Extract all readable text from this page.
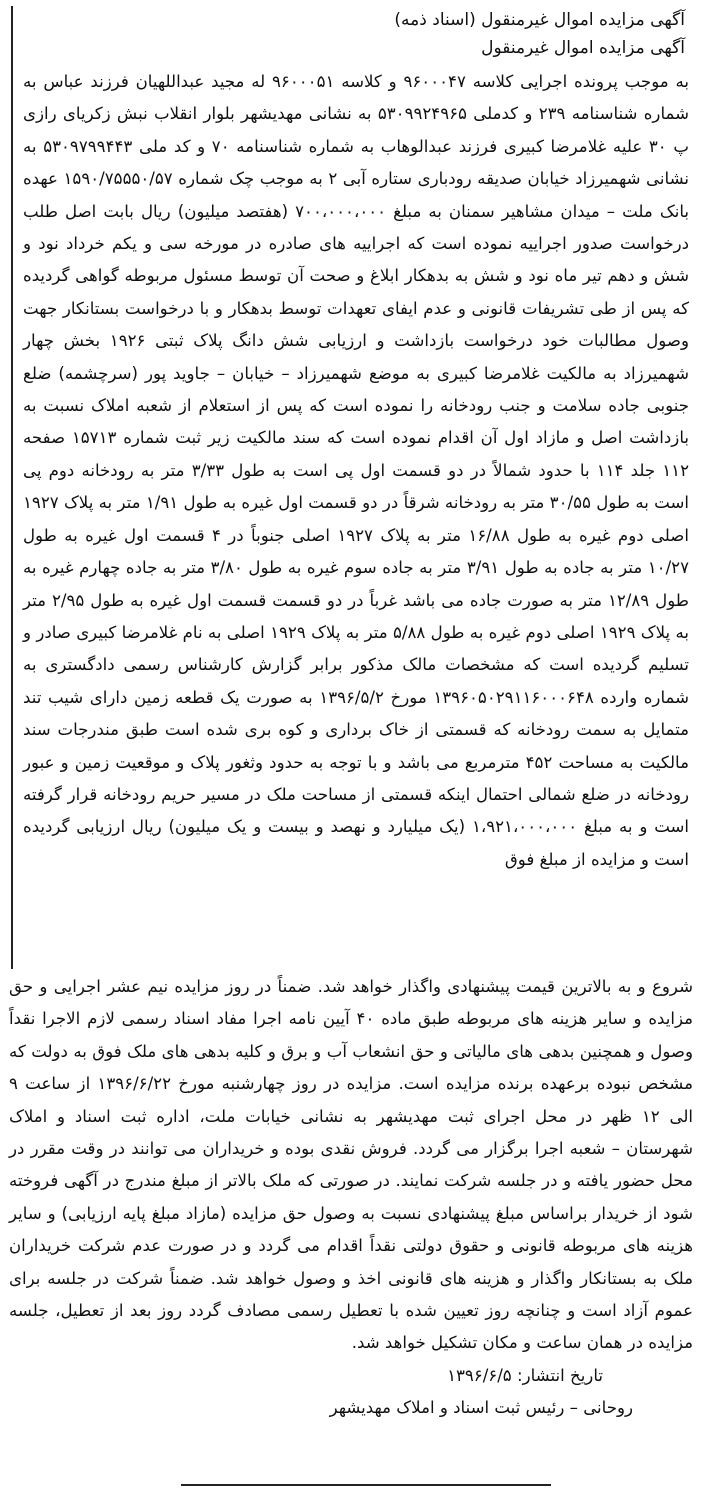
آگهی مزایده اموال غیرمنقول (اسناد ذمه)

آگهی مزایده اموال غیرمنقول

به موجب پرونده اجرایی کلاسه ۹۶۰۰۰۴۷ و کلاسه ۹۶۰۰۰۵۱ له مجید عبداللهیان فرزند عباس به شماره شناسنامه ۲۳۹ و کدملی ۵۳۰۹۹۲۴۹۶۵ به نشانی مهدیشهر بلوار انقلاب نبش زکریای رازی پ ۳۰ علیه غلامرضا کبیری فرزند عبدالوهاب به شماره شناسنامه ۷۰ و کد ملی ۵۳۰۹۷۹۹۴۴۳ به نشانی شهمیرزاد خیابان صدیقه رودباری ستاره آبی ۲ به موجب چک شماره ۱۵۹۰/۷۵۵۵۰/۵۷ عهده بانک ملت – میدان مشاهیر سمنان به مبلغ ۷۰۰،۰۰۰،۰۰۰ (هفتصد میلیون) ریال بابت اصل طلب درخواست صدور اجراییه نموده است که اجراییه های صادره در مورخه سی و یکم خرداد نود و شش و دهم تیر ماه نود و شش به بدهکار ابلاغ و صحت آن توسط مسئول مربوطه گواهی گردیده که پس از طی تشریفات قانونی و عدم ایفای تعهدات توسط بدهکار و با درخواست بستانکار جهت وصول مطالبات خود درخواست بازداشت و ارزیابی شش دانگ پلاک ثبتی ۱۹۲۶ بخش چهار شهمیرزاد به مالکیت غلامرضا کبیری به موضع شهمیرزاد – خیابان – جاوید پور (سرچشمه) ضلع جنوبی جاده سلامت و جنب رودخانه را نموده است که پس از استعلام از شعبه املاک نسبت به بازداشت اصل و مازاد اول آن اقدام نموده است که سند مالکیت زیر ثبت شماره ۱۵۷۱۳ صفحه ۱۱۲ جلد ۱۱۴ با حدود شمالاً در دو قسمت اول پی است به طول ۳/۳۳ متر به رودخانه دوم پی است به طول ۳۰/۵۵ متر به رودخانه شرقاً در دو قسمت اول غیره به طول ۱/۹۱ متر به پلاک ۱۹۲۷ اصلی دوم غیره به طول ۱۶/۸۸ متر به پلاک ۱۹۲۷ اصلی جنوباً در ۴ قسمت اول غیره به طول ۱۰/۲۷ متر به جاده به طول ۳/۹۱ متر به جاده سوم غیره به طول ۳/۸۰ متر به جاده چهارم غیره به طول ۱۲/۸۹ متر به صورت جاده می باشد غرباً در دو قسمت قسمت اول غیره به طول ۲/۹۵ متر به پلاک ۱۹۲۹ اصلی دوم غیره به طول ۵/۸۸ متر به پلاک ۱۹۲۹ اصلی به نام غلامرضا کبیری صادر و تسلیم گردیده است که مشخصات مالک مذکور برابر گزارش کارشناس رسمی دادگستری به شماره وارده ۱۳۹۶۰۵۰۲۹۱۱۶۰۰۰۶۴۸ مورخ ۱۳۹۶/۵/۲ به صورت یک قطعه زمین دارای شیب تند متمایل به سمت رودخانه که قسمتی از خاک برداری و کوه بری شده است طبق مندرجات سند مالکیت به مساحت ۴۵۲ مترمربع می باشد و با توجه به حدود وثغور پلاک و موقعیت زمین و عبور رودخانه در ضلع شمالی احتمال اینکه قسمتی از مساحت ملک در مسیر حریم رودخانه قرار گرفته است و به مبلغ ۱،۹۲۱،۰۰۰،۰۰۰ (یک میلیارد و نهصد و بیست و یک میلیون) ریال ارزیابی گردیده است و مزایده از مبلغ فوق

شروع و به بالاترین قیمت پیشنهادی واگذار خواهد شد. ضمناً در روز مزایده نیم عشر اجرایی و حق مزایده و سایر هزینه های مربوطه طبق ماده ۴۰ آیین نامه اجرا مفاد اسناد رسمی لازم الاجرا نقداً وصول و همچنین بدهی های مالیاتی و حق انشعاب آب و برق و کلیه بدهی های ملک فوق به دولت که مشخص نبوده برعهده برنده مزایده است. مزایده در روز چهارشنبه مورخ ۱۳۹۶/۶/۲۲ از ساعت ۹ الی ۱۲ ظهر در محل اجرای ثبت مهدیشهر به نشانی خیابات ملت، اداره ثبت اسناد و املاک شهرستان – شعبه اجرا برگزار می گردد. فروش نقدی بوده و خریداران می توانند در وقت مقرر در محل حضور یافته و در جلسه شرکت نمایند. در صورتی که ملک بالاتر از مبلغ مندرج در آگهی فروخته شود از خریدار براساس مبلغ پیشنهادی نسبت به وصول حق مزایده (مازاد مبلغ پایه ارزیابی) و سایر هزینه های مربوطه قانونی و حقوق دولتی نقداً اقدام می گردد و در صورت عدم شرکت خریداران ملک به بستانکار واگذار و هزینه های قانونی اخذ و وصول خواهد شد. ضمناً شرکت در جلسه برای عموم آزاد است و چنانچه روز تعیین شده با تعطیل رسمی مصادف گردد روز بعد از تعطیل، جلسه مزایده در همان ساعت و مکان تشکیل خواهد شد.

تاریخ انتشار: ۱۳۹۶/۶/۵

روحانی – رئیس ثبت اسناد و املاک مهدیشهر
